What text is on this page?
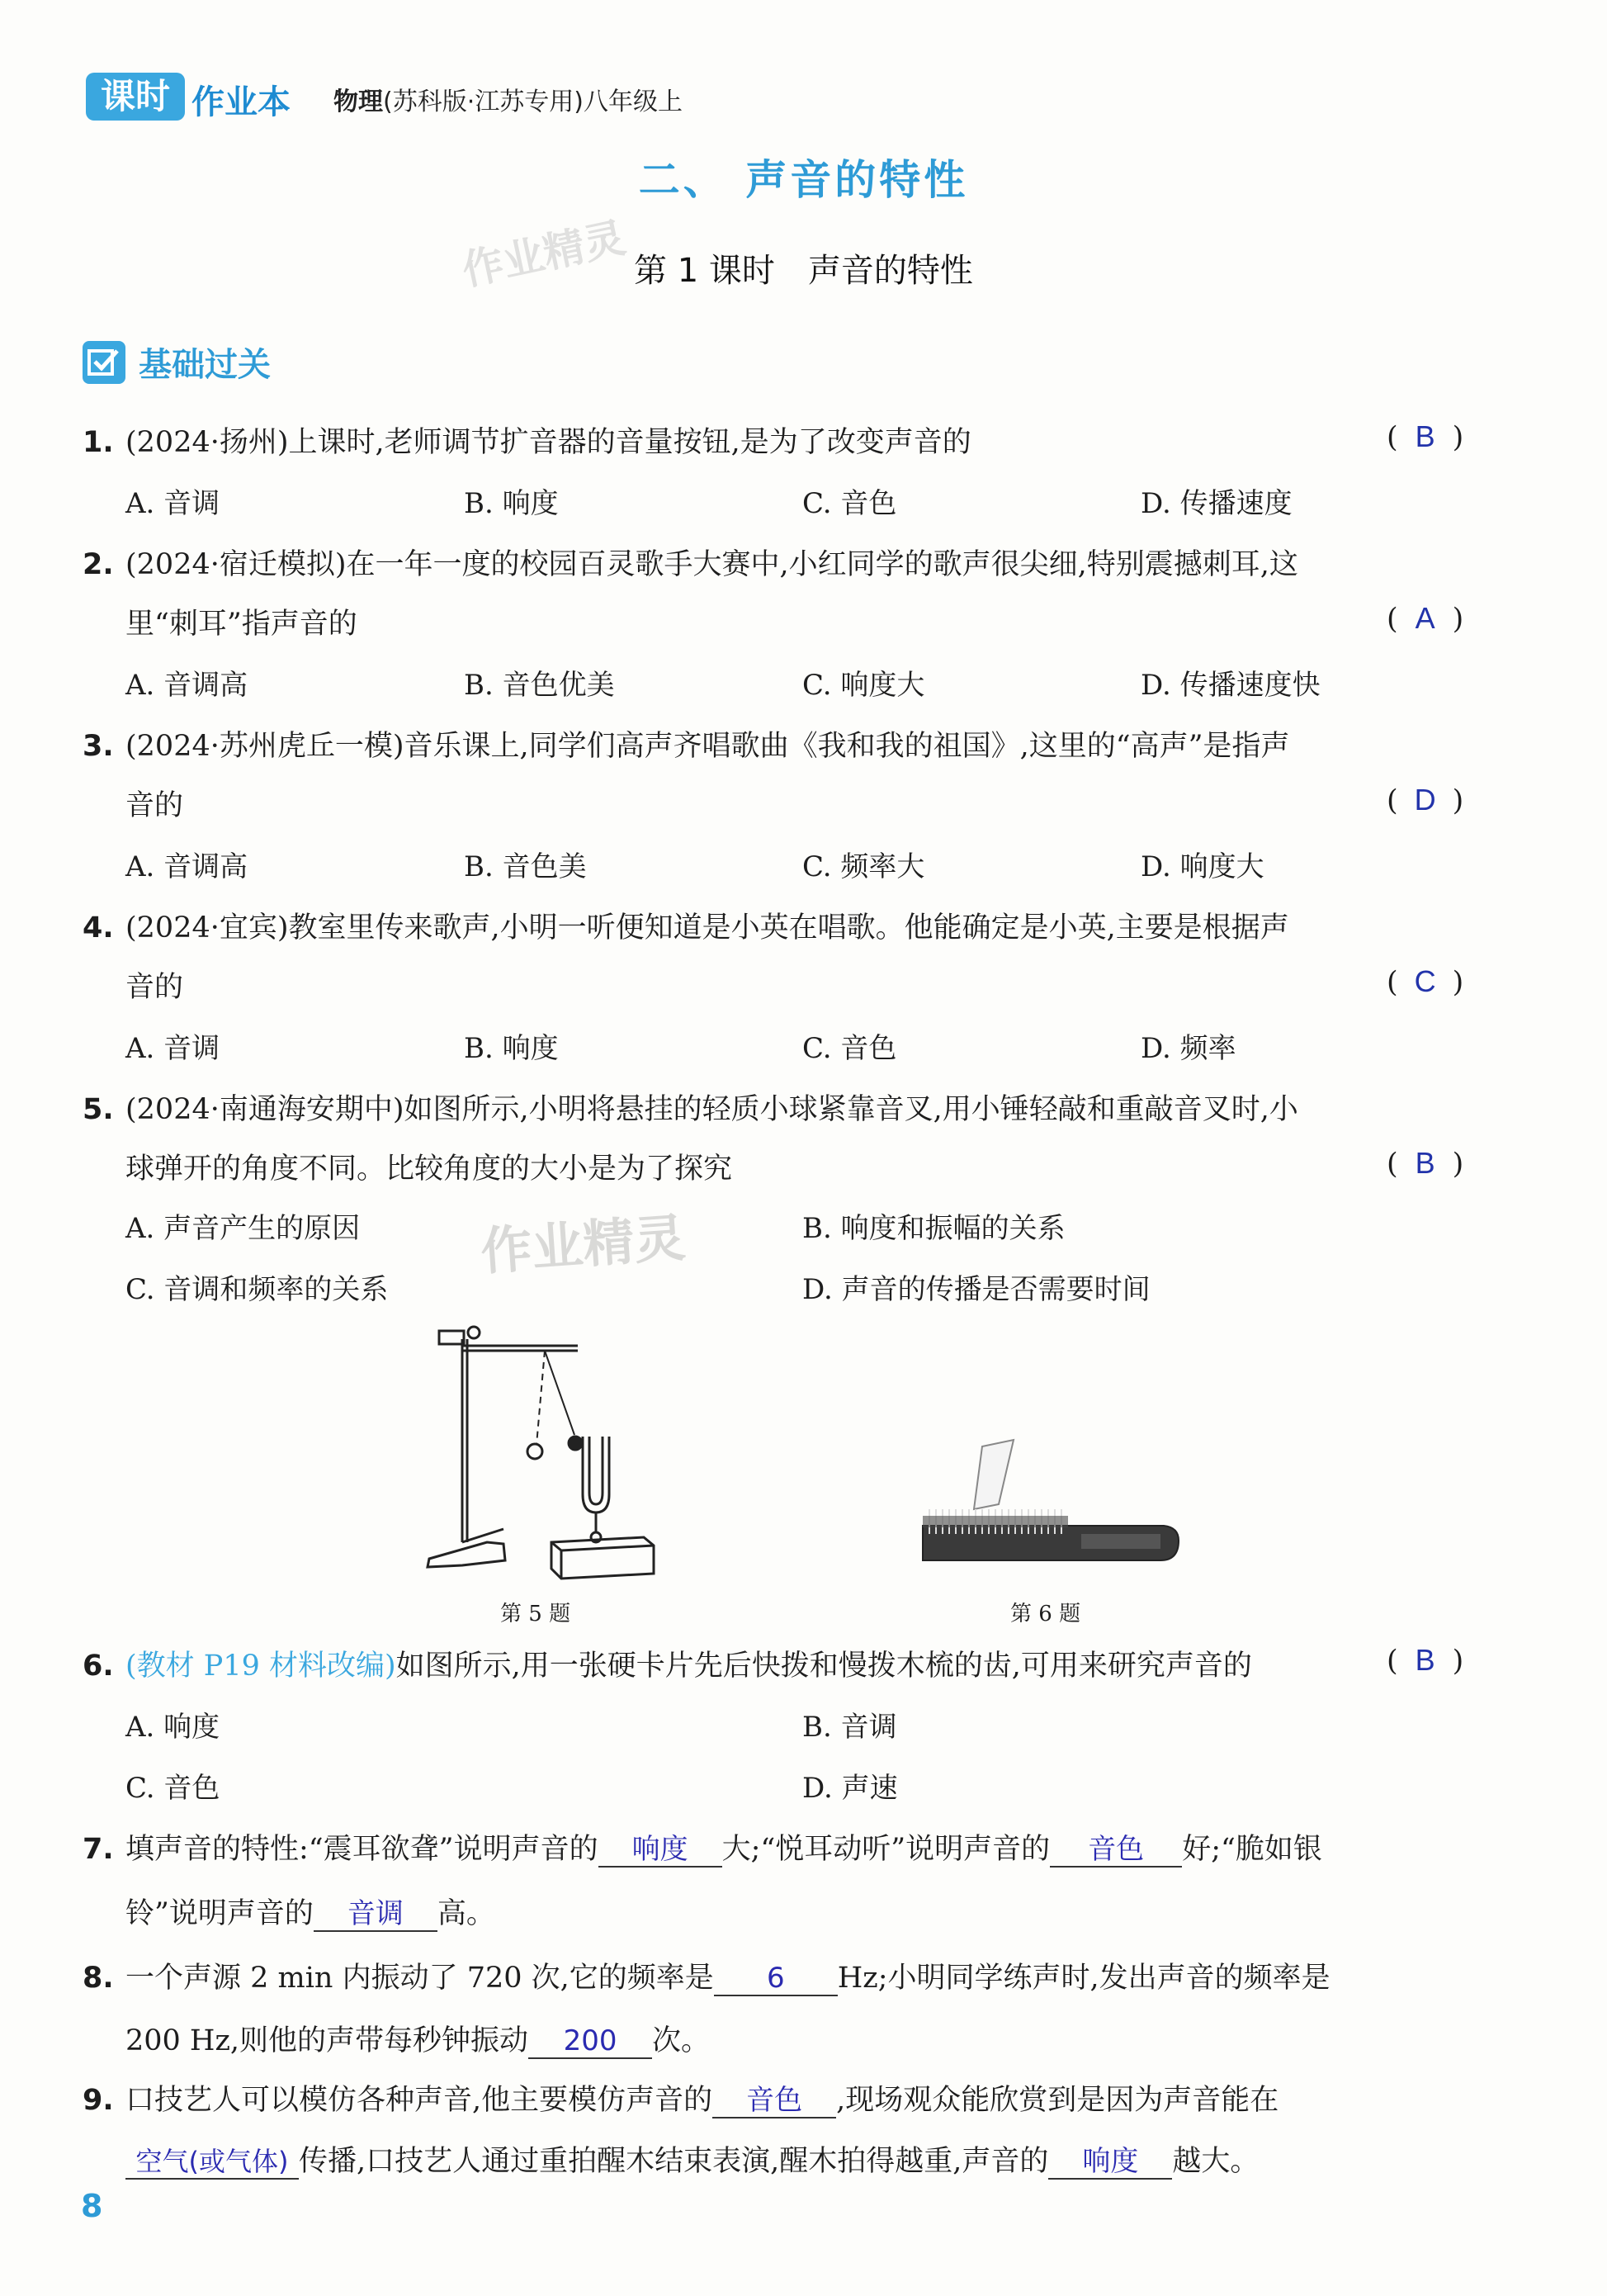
课时 作业本 物理(苏科版·江苏专用)八年级上
二、 声音的特性
作业精灵 第 1 课时　声音的特性
基础过关
1. (2024·扬州)上课时,老师调节扩音器的音量按钮,是为了改变声音的	( B )
A. 音调	B. 响度	C. 音色	D. 传播速度
2. (2024·宿迁模拟)在一年一度的校园百灵歌手大赛中,小红同学的歌声很尖细,特别震撼刺耳,这
里“刺耳”指声音的	( A )
A. 音调高	B. 音色优美	C. 响度大	D. 传播速度快
3. (2024·苏州虎丘一模)音乐课上,同学们高声齐唱歌曲《我和我的祖国》,这里的“高声”是指声
音的	( D )
A. 音调高	B. 音色美	C. 频率大	D. 响度大
4. (2024·宜宾)教室里传来歌声,小明一听便知道是小英在唱歌。他能确定是小英,主要是根据声
音的	( C )
A. 音调	B. 响度	C. 音色	D. 频率
5. (2024·南通海安期中)如图所示,小明将悬挂的轻质小球紧靠音叉,用小锤轻敲和重敲音叉时,小
球弹开的角度不同。比较角度的大小是为了探究	( B )
A. 声音产生的原因	B. 响度和振幅的关系
C. 音调和频率的关系	D. 声音的传播是否需要时间
作业精灵
第 5 题	第 6 题
6. (教材 P19 材料改编)如图所示,用一张硬卡片先后快拨和慢拨木梳的齿,可用来研究声音的	( B )
A. 响度	B. 音调
C. 音色	D. 声速
7. 填声音的特性:“震耳欲聋”说明声音的 响度 大;“悦耳动听”说明声音的 音色 好;“脆如银
铃”说明声音的 音调 高。
8. 一个声源 2 min 内振动了 720 次,它的频率是 6 Hz;小明同学练声时,发出声音的频率是
200 Hz,则他的声带每秒钟振动 200 次。
9. 口技艺人可以模仿各种声音,他主要模仿声音的 音色 ,现场观众能欣赏到是因为声音能在
空气(或气体) 传播,口技艺人通过重拍醒木结束表演,醒木拍得越重,声音的 响度 越大。
8
